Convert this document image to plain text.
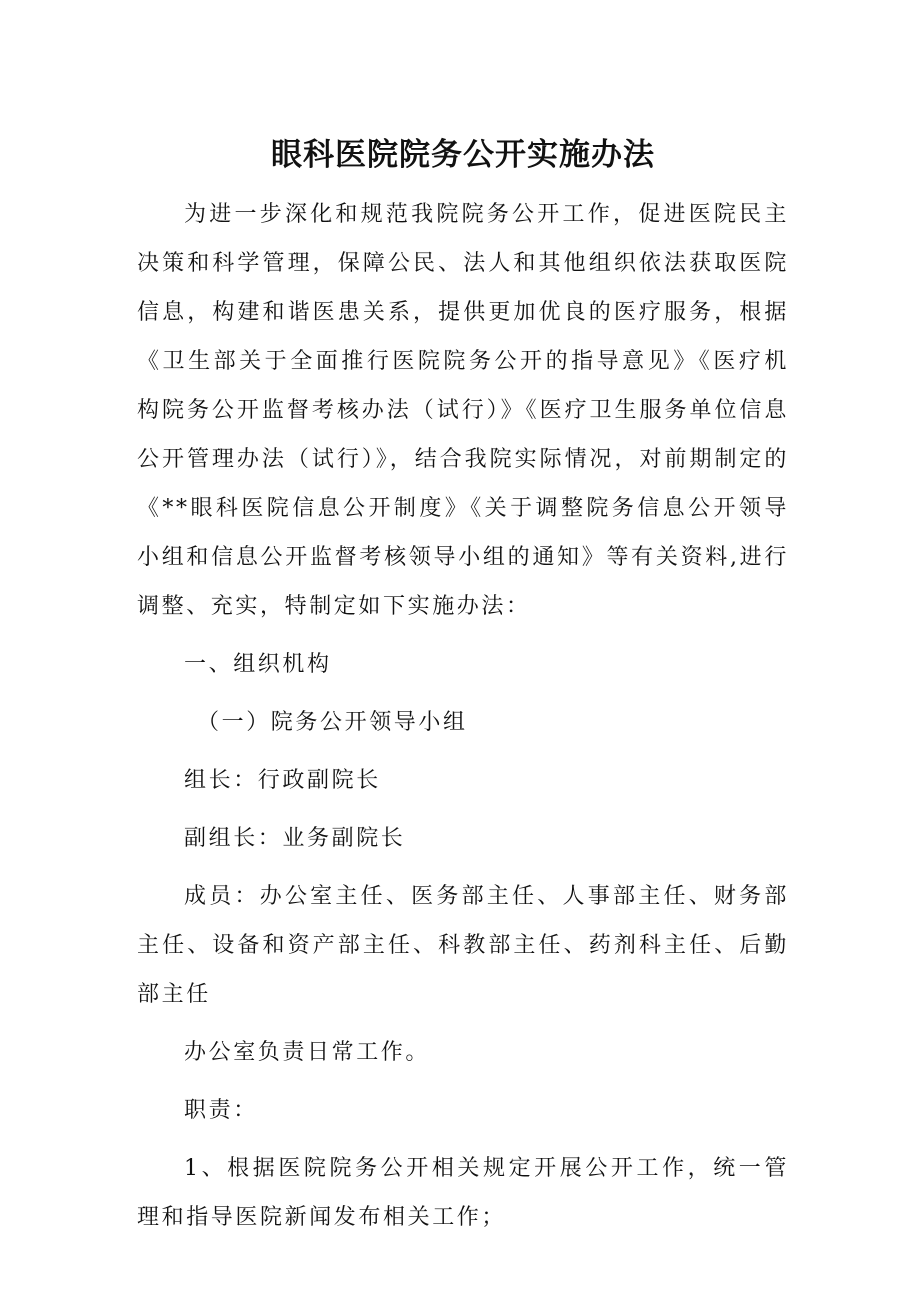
眼科医院院务公开实施办法

为进一步深化和规范我院院务公开工作，促进医院民主决策和科学管理，保障公民、法人和其他组织依法获取医院信息，构建和谐医患关系，提供更加优良的医疗服务，根据《卫生部关于全面推行医院院务公开的指导意见》《医疗机构院务公开监督考核办法（试行）》《医疗卫生服务单位信息公开管理办法（试行）》，结合我院实际情况，对前期制定的《**眼科医院信息公开制度》《关于调整院务信息公开领导小组和信息公开监督考核领导小组的通知》等有关资料,进行调整、充实，特制定如下实施办法：

一、组织机构

（一）院务公开领导小组

组长：行政副院长

副组长：业务副院长

成员：办公室主任、医务部主任、人事部主任、财务部主任、设备和资产部主任、科教部主任、药剂科主任、后勤部主任

办公室负责日常工作。

职责：

1、根据医院院务公开相关规定开展公开工作，统一管理和指导医院新闻发布相关工作；
